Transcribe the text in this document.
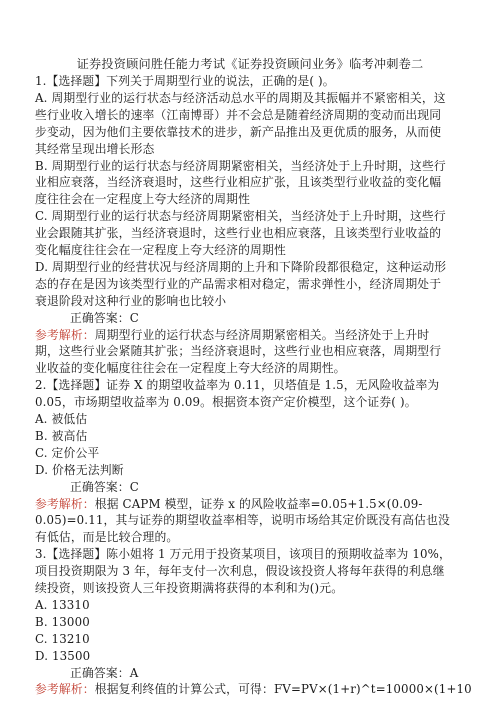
证券投资顾问胜任能力考试《证券投资顾问业务》临考冲刺卷二
1.【选择题】下列关于周期型行业的说法，正确的是( )。
A. 周期型行业的运行状态与经济活动总水平的周期及其振幅并不紧密相关，这
些行业收入增长的速率（江南博哥）并不会总是随着经济周期的变动而出现同
步变动，因为他们主要依靠技术的进步，新产品推出及更优质的服务，从而使
其经常呈现出增长形态
B. 周期型行业的运行状态与经济周期紧密相关，当经济处于上升时期，这些行
业相应衰落，当经济衰退时，这些行业相应扩张，且该类型行业收益的变化幅
度往往会在一定程度上夸大经济的周期性
C. 周期型行业的运行状态与经济周期紧密相关，当经济处于上升时期，这些行
业会跟随其扩张，当经济衰退时，这些行业也相应衰落，且该类型行业收益的
变化幅度往往会在一定程度上夸大经济的周期性
D. 周期型行业的经营状况与经济周期的上升和下降阶段都很稳定，这种运动形
态的存在是因为该类型行业的产品需求相对稳定，需求弹性小，经济周期处于
衰退阶段对这种行业的影响也比较小
正确答案：C
参考解析：周期型行业的运行状态与经济周期紧密相关。当经济处于上升时
期，这些行业会紧随其扩张；当经济衰退时，这些行业也相应衰落，周期型行
业收益的变化幅度往往会在一定程度上夸大经济的周期性。
2.【选择题】证券 X 的期望收益率为 0.11，贝塔值是 1.5，无风险收益率为
0.05，市场期望收益率为 0.09。根据资本资产定价模型，这个证券( )。
A. 被低估
B. 被高估
C. 定价公平
D. 价格无法判断
正确答案：C
参考解析：根据 CAPM 模型，证券 x 的风险收益率=0.05+1.5×(0.09-
0.05)=0.11，其与证券的期望收益率相等，说明市场给其定价既没有高估也没
有低估，而是比较合理的。
3.【选择题】陈小姐将 1 万元用于投资某项目，该项目的预期收益率为 10%，
项目投资期限为 3 年，每年支付一次利息，假设该投资人将每年获得的利息继
续投资，则该投资人三年投资期满将获得的本利和为()元。
A. 13310
B. 13000
C. 13210
D. 13500
正确答案：A
参考解析：根据复利终值的计算公式，可得：FV=PV×(1+r)^t=10000×(1+10
